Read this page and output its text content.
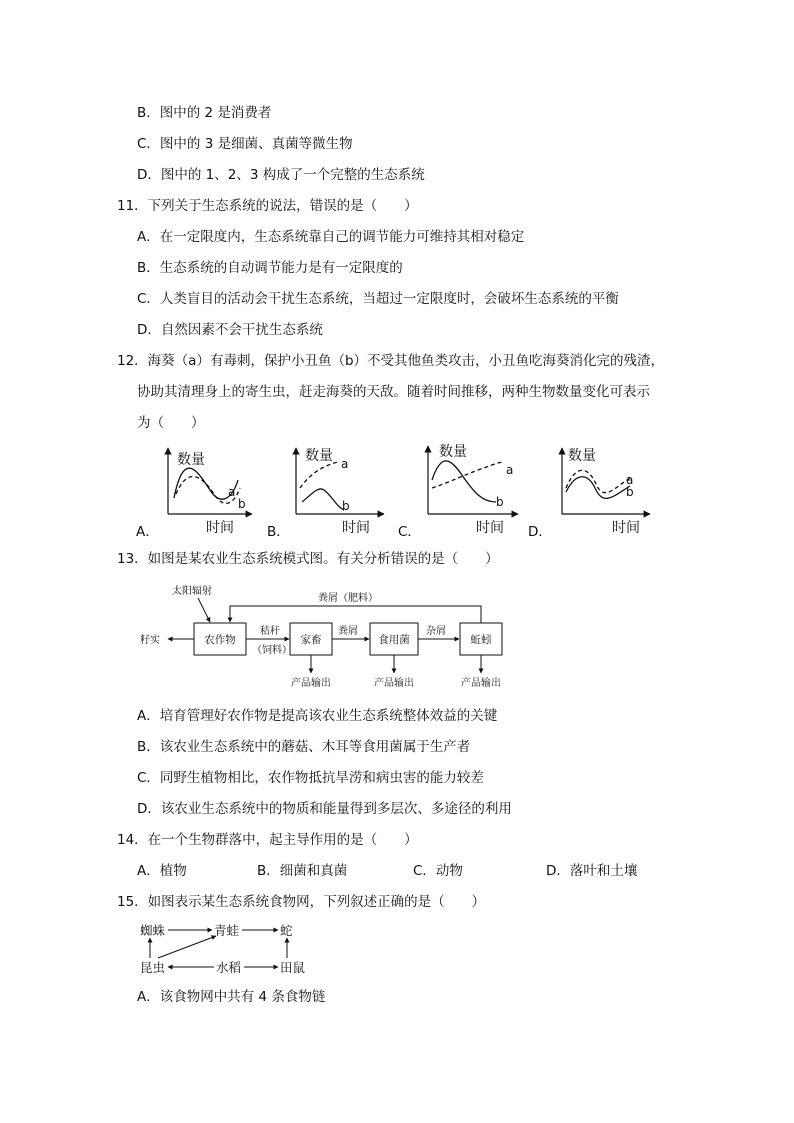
B．图中的 2 是消费者
C．图中的 3 是细菌、真菌等微生物
D．图中的 1、2、3 构成了一个完整的生态系统
11．下列关于生态系统的说法，错误的是（　　）
A．在一定限度内，生态系统靠自己的调节能力可维持其相对稳定
B．生态系统的自动调节能力是有一定限度的
C．人类盲目的活动会干扰生态系统，当超过一定限度时，会破坏生态系统的平衡
D．自然因素不会干扰生态系统
12．海葵（a）有毒刺，保护小丑鱼（b）不受其他鱼类攻击，小丑鱼吃海葵消化完的残渣，
协助其清理身上的寄生虫，赶走海葵的天敌。随着时间推移，两种生物数量变化可表示
为（　　）
数量
a
b
时间
A．
数量 a
b
时间
B．
数量
a
b
时间
C．
数量
a
b
时间
D．
13．如图是某农业生态系统模式图。有关分析错误的是（　　）
农作物	家畜	食用菌	蚯蚓
太阳辐射
粪屑（肥料）
籽实
秸秆
（饲料）
粪屑	杂屑
产品输出	产品输出	产品输出
A．培育管理好农作物是提高该农业生态系统整体效益的关键
B．该农业生态系统中的蘑菇、木耳等食用菌属于生产者
C．同野生植物相比，农作物抵抗旱涝和病虫害的能力较差
D．该农业生态系统中的物质和能量得到多层次、多途径的利用
14．在一个生物群落中，起主导作用的是（　　）
A．植物	B．细菌和真菌	C．动物	D．落叶和土壤
15．如图表示某生态系统食物网，下列叙述正确的是（　　）
蜘蛛	青蛙	蛇
昆虫	水稻	田鼠
A．该食物网中共有 4 条食物链
